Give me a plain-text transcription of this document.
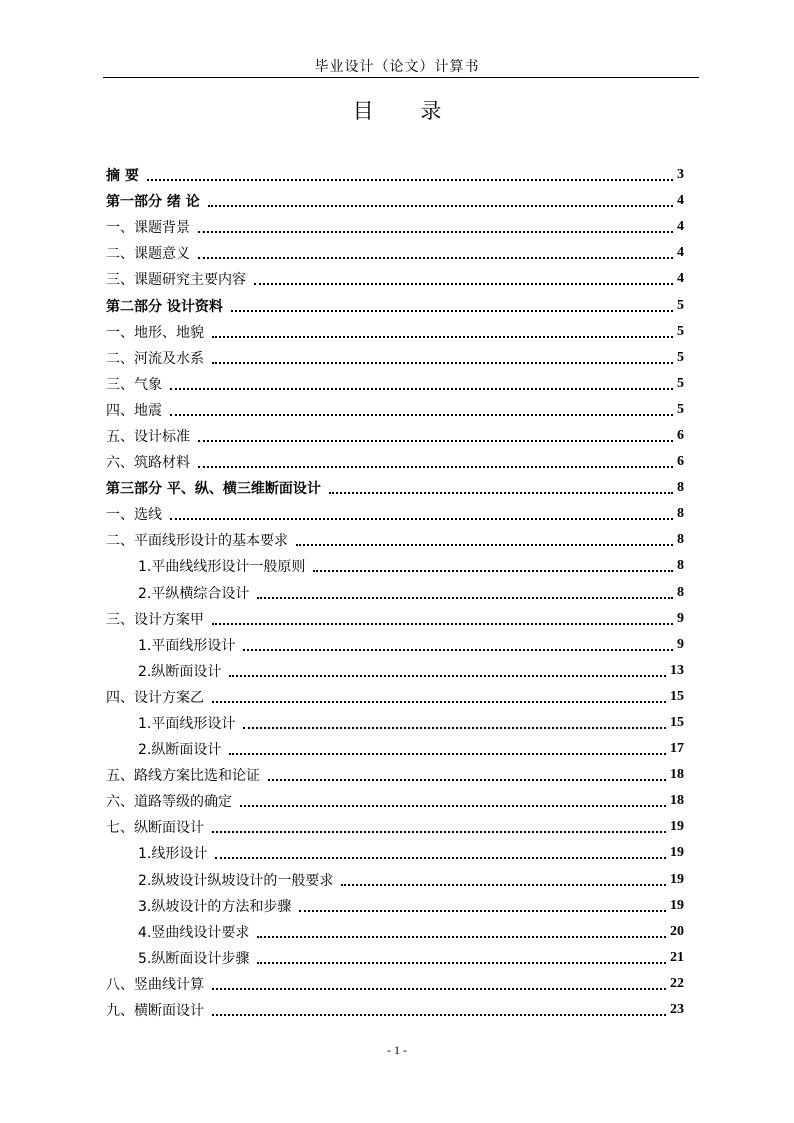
毕业设计（论文）计算书
目 录
摘 要	3
第一部分 绪 论	4
一、课题背景	4
二、课题意义	4
三、课题研究主要内容	4
第二部分 设计资料	5
一、地形、地貌	5
二、河流及水系	5
三、气象	5
四、地震	5
五、设计标准	6
六、筑路材料	6
第三部分 平、纵、横三维断面设计	8
一、选线	8
二、平面线形设计的基本要求	8
1.平曲线线形设计一般原则	8
2.平纵横综合设计	8
三、设计方案甲	9
1.平面线形设计	9
2.纵断面设计	13
四、设计方案乙	15
1.平面线形设计	15
2.纵断面设计	17
五、路线方案比选和论证	18
六、道路等级的确定	18
七、纵断面设计	19
1.线形设计	19
2.纵坡设计纵坡设计的一般要求	19
3.纵坡设计的方法和步骤	19
4.竖曲线设计要求	20
5.纵断面设计步骤	21
八、竖曲线计算	22
九、横断面设计	23
- 1 -
